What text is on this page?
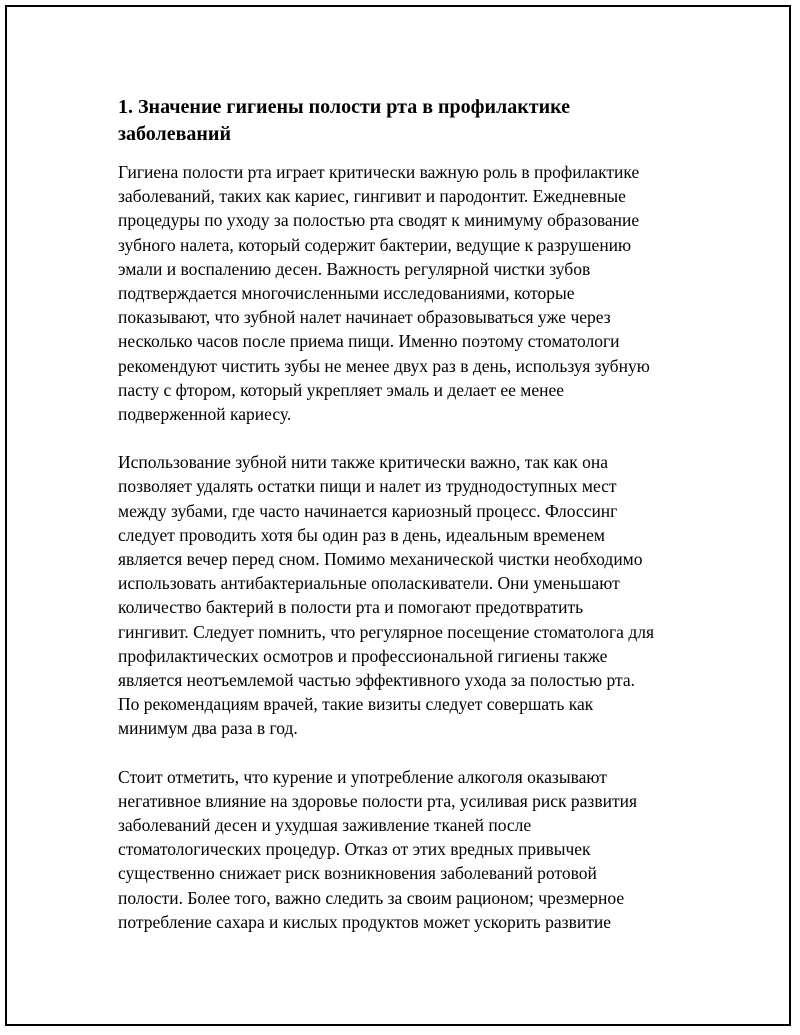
1. Значение гигиены полости рта в профилактике
заболеваний

Гигиена полости рта играет критически важную роль в профилактике
заболеваний, таких как кариес, гингивит и пародонтит. Ежедневные
процедуры по уходу за полостью рта сводят к минимуму образование
зубного налета, который содержит бактерии, ведущие к разрушению
эмали и воспалению десен. Важность регулярной чистки зубов
подтверждается многочисленными исследованиями, которые
показывают, что зубной налет начинает образовываться уже через
несколько часов после приема пищи. Именно поэтому стоматологи
рекомендуют чистить зубы не менее двух раз в день, используя зубную
пасту с фтором, который укрепляет эмаль и делает ее менее
подверженной кариесу.

Использование зубной нити также критически важно, так как она
позволяет удалять остатки пищи и налет из труднодоступных мест
между зубами, где часто начинается кариозный процесс. Флоссинг
следует проводить хотя бы один раз в день, идеальным временем
является вечер перед сном. Помимо механической чистки необходимо
использовать антибактериальные ополаскиватели. Они уменьшают
количество бактерий в полости рта и помогают предотвратить
гингивит. Следует помнить, что регулярное посещение стоматолога для
профилактических осмотров и профессиональной гигиены также
является неотъемлемой частью эффективного ухода за полостью рта.
По рекомендациям врачей, такие визиты следует совершать как
минимум два раза в год.

Стоит отметить, что курение и употребление алкоголя оказывают
негативное влияние на здоровье полости рта, усиливая риск развития
заболеваний десен и ухудшая заживление тканей после
стоматологических процедур. Отказ от этих вредных привычек
существенно снижает риск возникновения заболеваний ротовой
полости. Более того, важно следить за своим рационом; чрезмерное
потребление сахара и кислых продуктов может ускорить развитие
